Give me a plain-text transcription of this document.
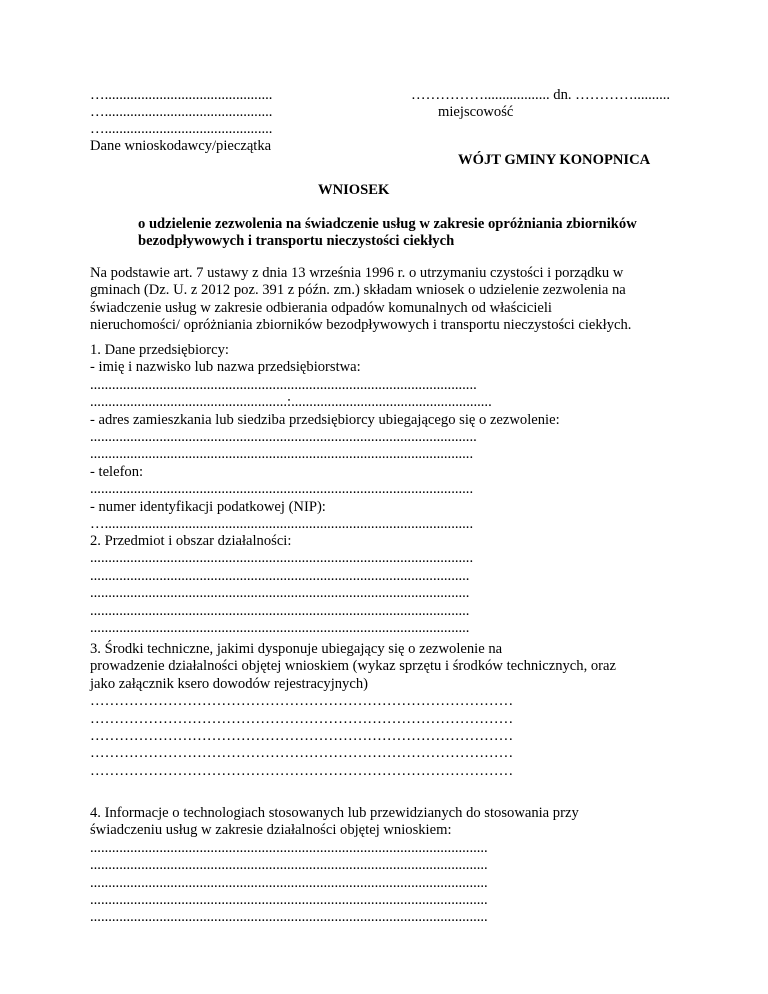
…..............................................
…..............................................
…..............................................
Dane wnioskodawcy/pieczątka
…………….................. dn. …………..........
miejscowość
WÓJT GMINY KONOPNICA
WNIOSEK
o udzielenie zezwolenia na świadczenie usług w zakresie opróżniania zbiorników
bezodpływowych i transportu nieczystości ciekłych
Na podstawie art. 7 ustawy z dnia 13 września 1996 r. o utrzymaniu czystości i porządku w
gminach (Dz. U. z 2012 poz. 391 z późn. zm.) składam wniosek o udzielenie zezwolenia na
świadczenie usług w zakresie odbierania odpadów komunalnych od właścicieli
nieruchomości/ opróżniania zbiorników bezodpływowych i transportu nieczystości ciekłych.
1. Dane przedsiębiorcy:
- imię i nazwisko lub nazwa przedsiębiorstwa:
..........................................................................................................
......................................................:.......................................................
- adres zamieszkania lub siedziba przedsiębiorcy ubiegającego się o zezwolenie:
..........................................................................................................
.........................................................................................................
- telefon:
.........................................................................................................
- numer identyfikacji podatkowej (NIP):
….....................................................................................................
2. Przedmiot i obszar działalności:
.........................................................................................................
........................................................................................................
........................................................................................................
........................................................................................................
........................................................................................................
3. Środki techniczne, jakimi dysponuje ubiegający się o zezwolenie na
prowadzenie działalności objętej wnioskiem (wykaz sprzętu i środków technicznych, oraz
jako załącznik ksero dowodów rejestracyjnych)
……………………………………………………………………………
……………………………………………………………………………
……………………………………………………………………………
……………………………………………………………………………
……………………………………………………………………………
4. Informacje o technologiach stosowanych lub przewidzianych do stosowania przy
świadczeniu usług w zakresie działalności objętej wnioskiem:
.............................................................................................................
.............................................................................................................
.............................................................................................................
.............................................................................................................
.............................................................................................................
